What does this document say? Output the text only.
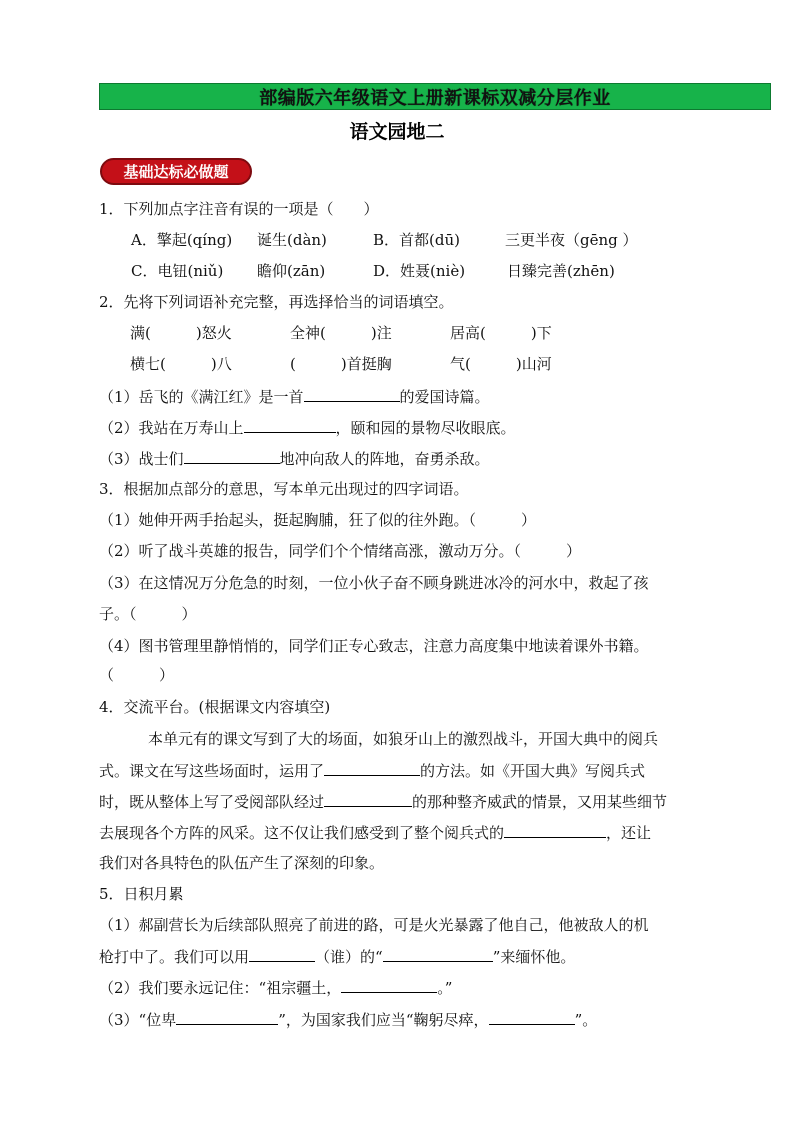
部编版六年级语文上册新课标双减分层作业
语文园地二
基础达标必做题
1．下列加点字注音有误的一项是（　　）
A．擎起(qíng) 诞生(dàn)	B．首都(dū)	三更半夜（gēng ）
C．电钮(niǔ) 瞻仰(zān)	D．姓聂(niè)	日臻完善(zhēn)
2．先将下列词语补充完整，再选择恰当的词语填空。
满(　　　)怒火	全神(　　　)注	居高(　　　)下
横七(　　　)八	(　　　)首挺胸	气(　　　)山河
（1）岳飞的《满江红》是一首	的爱国诗篇。
（2）我站在万寿山上	，颐和园的景物尽收眼底。
（3）战士们	地冲向敌人的阵地，奋勇杀敌。
3．根据加点部分的意思，写本单元出现过的四字词语。
（1）她伸开两手抬起头，挺起胸脯，狂了似的往外跑。（　　　）
（2）听了战斗英雄的报告，同学们个个情绪高涨，激动万分。（　　　）
（3）在这情况万分危急的时刻，一位小伙子奋不顾身跳进冰冷的河水中，救起了孩
子。（　　　）
（4）图书管理里静悄悄的，同学们正专心致志，注意力高度集中地读着课外书籍。
（　　　）
4．交流平台。(根据课文内容填空)
本单元有的课文写到了大的场面，如狼牙山上的激烈战斗，开国大典中的阅兵
式。课文在写这些场面时，运用了	的方法。如《开国大典》写阅兵式
时，既从整体上写了受阅部队经过	的那种整齐威武的情景，又用某些细节
去展现各个方阵的风采。这不仅让我们感受到了整个阅兵式的	，还让
我们对各具特色的队伍产生了深刻的印象。
5．日积月累
（1）郝副营长为后续部队照亮了前进的路，可是火光暴露了他自己，他被敌人的机
枪打中了。我们可以用	（谁）的“	”来缅怀他。
（2）我们要永远记住：“祖宗疆土，	。”
（3）“位卑	”，为国家我们应当“鞠躬尽瘁，	”。
